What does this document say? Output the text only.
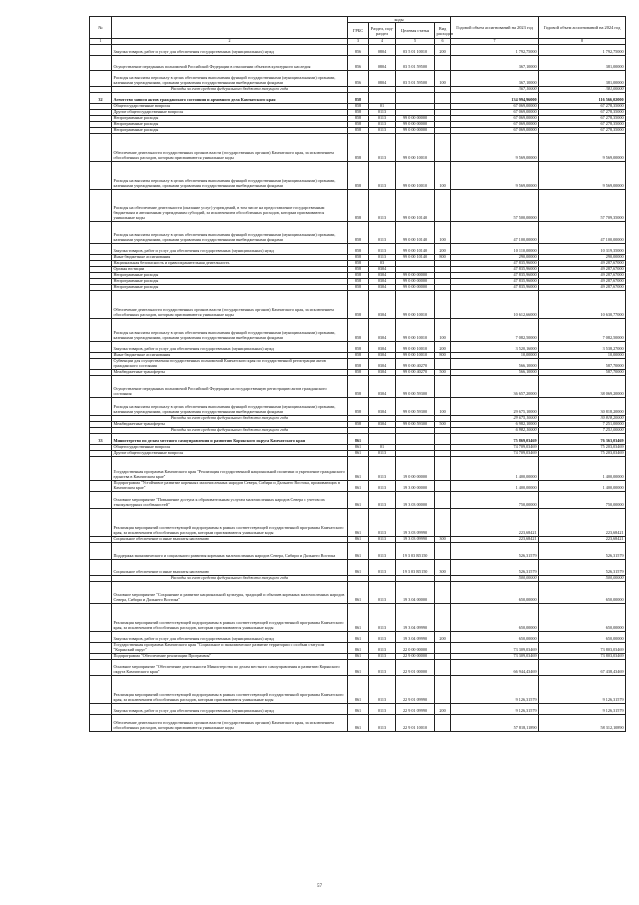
№		коды				Годовой объем ассигнований на 2023 год	Годовой объем ассигнований на 2024 год
		ГРБС	Раздел, под-раздел	Целевая статья	Вид расходов		
1	2	3	4	5	6	7	8
	Закупка товаров, работ и услуг для обеспечения государственных (муниципальных) нужд	856	0804	03 5 01 10010	200	1 792,75000	1 792,75000
	Осуществление переданных полномочий Российской Федерации в отношении объектов культурного наследия	856	0804	03 5 01 59500		367,10000	381,00000
	Расходы на выплаты персоналу в целях обеспечения выполнения функций государственными (муниципальными) органами, казенными учреждениями, органами управления государственными внебюджетными фондами	856	0804	03 5 01 59500	100	367,10000	381,00000
	Расходы за счет средств федерального бюджета текущего года					367,10000	381,00000
32	Агентство записи актов гражданского состояния и архивного дела Камчатского края	858				134 994,96000	116 566,02000
	Общегосударственные вопросы	858	01			67 069,00000	67 278,35000
	Другие общегосударственные вопросы	858	0113			67 069,00000	67 278,35000
	Непрограммные расходы	858	0113	99 0 00 00000		67 069,00000	67 278,35000
	Непрограммные расходы	858	0113	99 0 00 00000		67 069,00000	67 278,35000
	Непрограммные расходы	858	0113	99 0 00 00000		67 069,00000	67 278,35000
	Обеспечение деятельности государственных органов власти (государственных органов) Камчатского края, за исключением обособленных расходов, которым присваиваются уникальные коды	858	0113	99 0 00 10010		9 569,00000	9 569,00000
	Расходы на выплаты персоналу в целях обеспечения выполнения функций государственными (муниципальными) органами, казенными учреждениями, органами управления государственными внебюджетными фондами	858	0113	99 0 00 10010	100	9 569,00000	9 569,00000
	Расходы на обеспечение деятельности (оказание услуг) учреждений, в том числе на предоставление государственным бюджетным и автономным учреждениям субсидий, за исключением обособленных расходов, которым присваиваются уникальные коды	858	0113	99 0 00 10140		57 500,00000	57 709,35000
	Расходы на выплаты персоналу в целях обеспечения выполнения функций государственными (муниципальными) органами, казенными учреждениями, органами управления государственными внебюджетными фондами	858	0113	99 0 00 10140	100	47 100,00000	47 100,00000
	Закупка товаров, работ и услуг для обеспечения государственных (муниципальных) нужд	858	0113	99 0 00 10140	200	10 110,00000	10 319,35000
	Иные бюджетные ассигнования	858	0113	99 0 00 10140	800	290,00000	290,00000
	Национальная безопасность и правоохранительная деятельность	858	03			47 835,96000	49 287,67000
	Органы юстиции	858	0304			47 835,96000	49 287,67000
	Непрограммные расходы	858	0304	99 0 00 00000		47 835,96000	49 287,67000
	Непрограммные расходы	858	0304	99 0 00 00000		47 835,96000	49 287,67000
	Непрограммные расходы	858	0304	99 0 00 00000		47 835,96000	49 287,67000
	Обеспечение деятельности государственных органов власти (государственных органов) Камчатского края, за исключением обособленных расходов, которым присваиваются уникальные коды	858	0304	99 0 00 10010		10 612,66000	10 630,77000
	Расходы на выплаты персоналу в целях обеспечения выполнения функций государственными (муниципальными) органами, казенными учреждениями, органами управления государственными внебюджетными фондами	858	0304	99 0 00 10010	100	7 082,50000	7 082,50000
	Закупка товаров, работ и услуг для обеспечения государственных (муниципальных) нужд	858	0304	99 0 00 10010	200	3 520,16000	3 538,27000
	Иные бюджетные ассигнования	858	0304	99 0 00 10010	800	10,00000	10,00000
	Субвенции для осуществления государственных полномочий Камчатского края по государственной регистрации актов гражданского состояния	858	0304	99 0 00 40270		566,10000	587,70000
	Межбюджетные трансферты	858	0304	99 0 00 40270	500	566,10000	587,70000
	Осуществление переданных полномочий Российской Федерации на государственную регистрацию актов гражданского состояния	858	0304	99 0 00 59300		36 657,20000	38 069,20000
	Расходы на выплаты персоналу в целях обеспечения выполнения функций государственными (муниципальными) органами, казенными учреждениями, органами управления государственными внебюджетными фондами	858	0304	99 0 00 59300	100	29 675,10000	30 818,20000
	Расходы за счет средств федерального бюджета текущего года					29 675,10000	30 818,20000
	Межбюджетные трансферты	858	0304	99 0 00 59300	500	6 982,10000	7 251,00000
	Расходы за счет средств федерального бюджета текущего года					6 982,10000	7 251,00000
33	Министерство по делам местного самоуправления и развитию Корякского округа Камчатского края	861				75 869,03469	76 363,03469
	Общегосударственные вопросы	861	01			74 709,03469	75 203,03469
	Другие общегосударственные вопросы	861	0113			74 709,03469	75 203,03469
	Государственная программа Камчатского края "Реализация государственной национальной политики и укрепление гражданского единства в Камчатском крае"	861	0113	19 0 00 00000		1 400,00000	1 400,00000
	Подпрограмма "Устойчивое развитие коренных малочисленных народов Севера, Сибири и Дальнего Востока, проживающих в Камчатском крае"	861	0113	19 3 00 00000		1 400,00000	1 400,00000
	Основное мероприятие "Повышение доступа к образовательным услугам малочисленных народов Севера с учетом их этнокультурных особенностей"	861	0113	19 3 03 00000		750,00000	750,00000
	Реализация мероприятий соответствующей подпрограммы в рамках соответствующей государственной программы Камчатского края, за исключением обособленных расходов, которым присваиваются уникальные коды	861	0113	19 3 03 09990		223,68421	223,68421
	Социальное обеспечение и иные выплаты населению	861	0113	19 3 03 09990	300	223,68421	223,68421
	Поддержка экономического и социального развития коренных малочисленных народов Севера, Сибири и Дальнего Востока	861	0113	19 3 03 R5150		526,31579	526,31579
	Социальное обеспечение и иные выплаты населению	861	0113	19 3 03 R5150	300	526,31579	526,31579
	Расходы за счет средств федерального бюджета текущего года					500,00000	500,00000
	Основное мероприятие "Сохранение и развитие национальной культуры, традиций и обычаев коренных малочисленных народов Севера, Сибири и Дальнего Востока"	861	0113	19 3 04 00000		650,00000	650,00000
	Реализация мероприятий соответствующей подпрограммы в рамках соответствующей государственной программы Камчатского края, за исключением обособленных расходов, которым присваиваются уникальные коды	861	0113	19 3 04 09990		650,00000	650,00000
	Закупка товаров, работ и услуг для обеспечения государственных (муниципальных) нужд	861	0113	19 3 04 09990	200	650,00000	650,00000
	Государственная программа Камчатского края "Социальное и экономическое развитие территории с особым статусом "Корякский округ"	861	0113	22 0 00 00000		73 309,03469	73 803,03469
	Подпрограмма "Обеспечение реализации Программы"	861	0113	22 9 00 00000		73 309,03469	73 803,03469
	Основное мероприятие "Обеспечение деятельности Министерства по делам местного самоуправления и развитию Корякского округа Камчатского края"	861	0113	22 9 01 00000		66 944,43469	67 438,43469
	Реализация мероприятий соответствующей подпрограммы в рамках соответствующей государственной программы Камчатского края, за исключением обособленных расходов, которым присваиваются уникальные коды	861	0113	22 9 01 09990		9 126,31579	9 126,31579
	Закупка товаров, работ и услуг для обеспечения государственных (муниципальных) нужд	861	0113	22 9 01 09990	200	9 126,31579	9 126,31579
	Обеспечение деятельности государственных органов власти (государственных органов) Камчатского края, за исключением обособленных расходов, которым присваиваются уникальные коды	861	0113	22 9 01 10010		57 818,11890	58 312,10890
57
